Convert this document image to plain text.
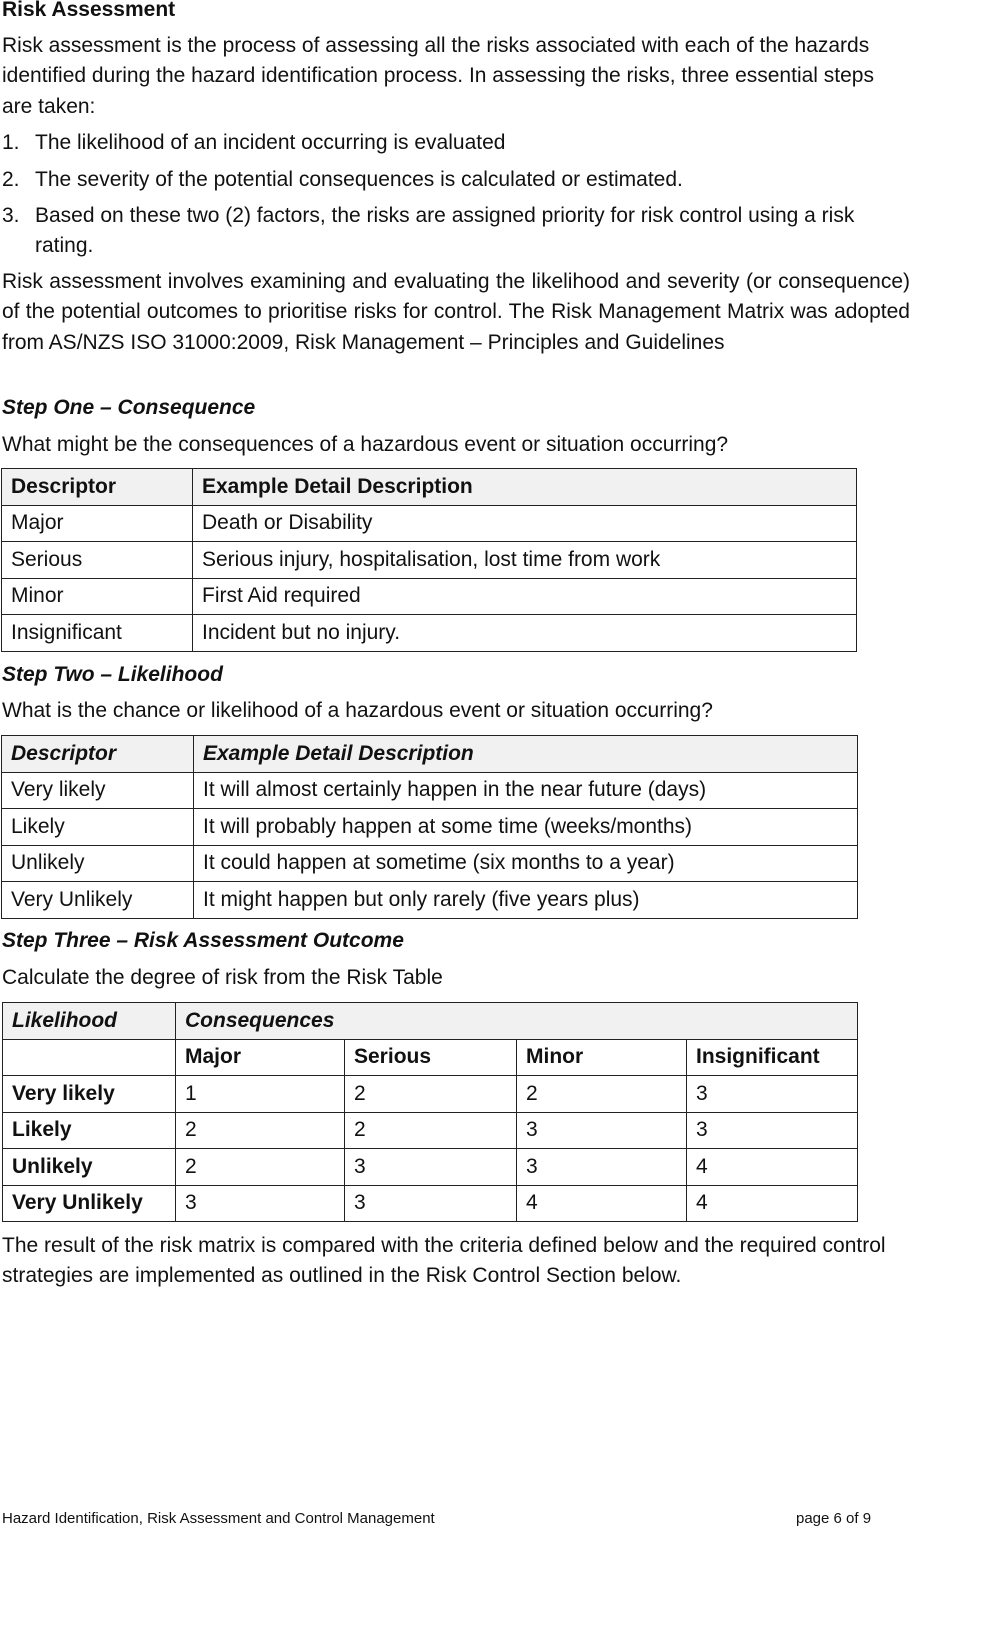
Risk Assessment
Risk assessment is the process of assessing all the risks associated with each of the hazards identified during the hazard identification process. In assessing the risks, three essential steps are taken:
1. The likelihood of an incident occurring is evaluated
2. The severity of the potential consequences is calculated or estimated.
3. Based on these two (2) factors, the risks are assigned priority for risk control using a risk rating.
Risk assessment involves examining and evaluating the likelihood and severity (or consequence) of the potential outcomes to prioritise risks for control. The Risk Management Matrix was adopted from AS/NZS ISO 31000:2009, Risk Management – Principles and Guidelines
Step One – Consequence
What might be the consequences of a hazardous event or situation occurring?
Descriptor	Example Detail Description
Major	Death or Disability
Serious	Serious injury, hospitalisation, lost time from work
Minor	First Aid required
Insignificant	Incident but no injury.
Step Two – Likelihood
What is the chance or likelihood of a hazardous event or situation occurring?
Descriptor	Example Detail Description
Very likely	It will almost certainly happen in the near future (days)
Likely	It will probably happen at some time (weeks/months)
Unlikely	It could happen at sometime (six months to a year)
Very Unlikely	It might happen but only rarely (five years plus)
Step Three – Risk Assessment Outcome
Calculate the degree of risk from the Risk Table
Likelihood	Consequences			
	Major	Serious	Minor	Insignificant
Very likely	1	2	2	3
Likely	2	2	3	3
Unlikely	2	3	3	4
Very Unlikely	3	3	4	4
The result of the risk matrix is compared with the criteria defined below and the required control strategies are implemented as outlined in the Risk Control Section below.
Hazard Identification, Risk Assessment and Control Management	page 6 of 9
